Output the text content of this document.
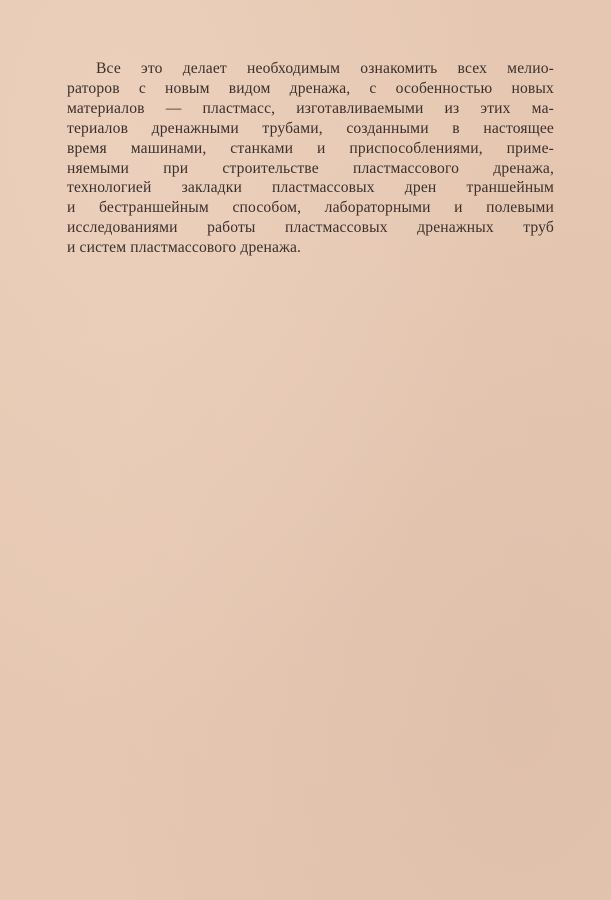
Все это делает необходимым ознакомить всех мелио-
раторов с новым видом дренажа, с особенностью новых
материалов — пластмасс, изготавливаемыми из этих ма-
териалов дренажными трубами, созданными в настоящее
время машинами, станками и приспособлениями, приме-
няемыми при строительстве пластмассового дренажа,
технологией закладки пластмассовых дрен траншейным
и бестраншейным способом, лабораторными и полевыми
исследованиями работы пластмассовых дренажных труб
и систем пластмассового дренажа.
